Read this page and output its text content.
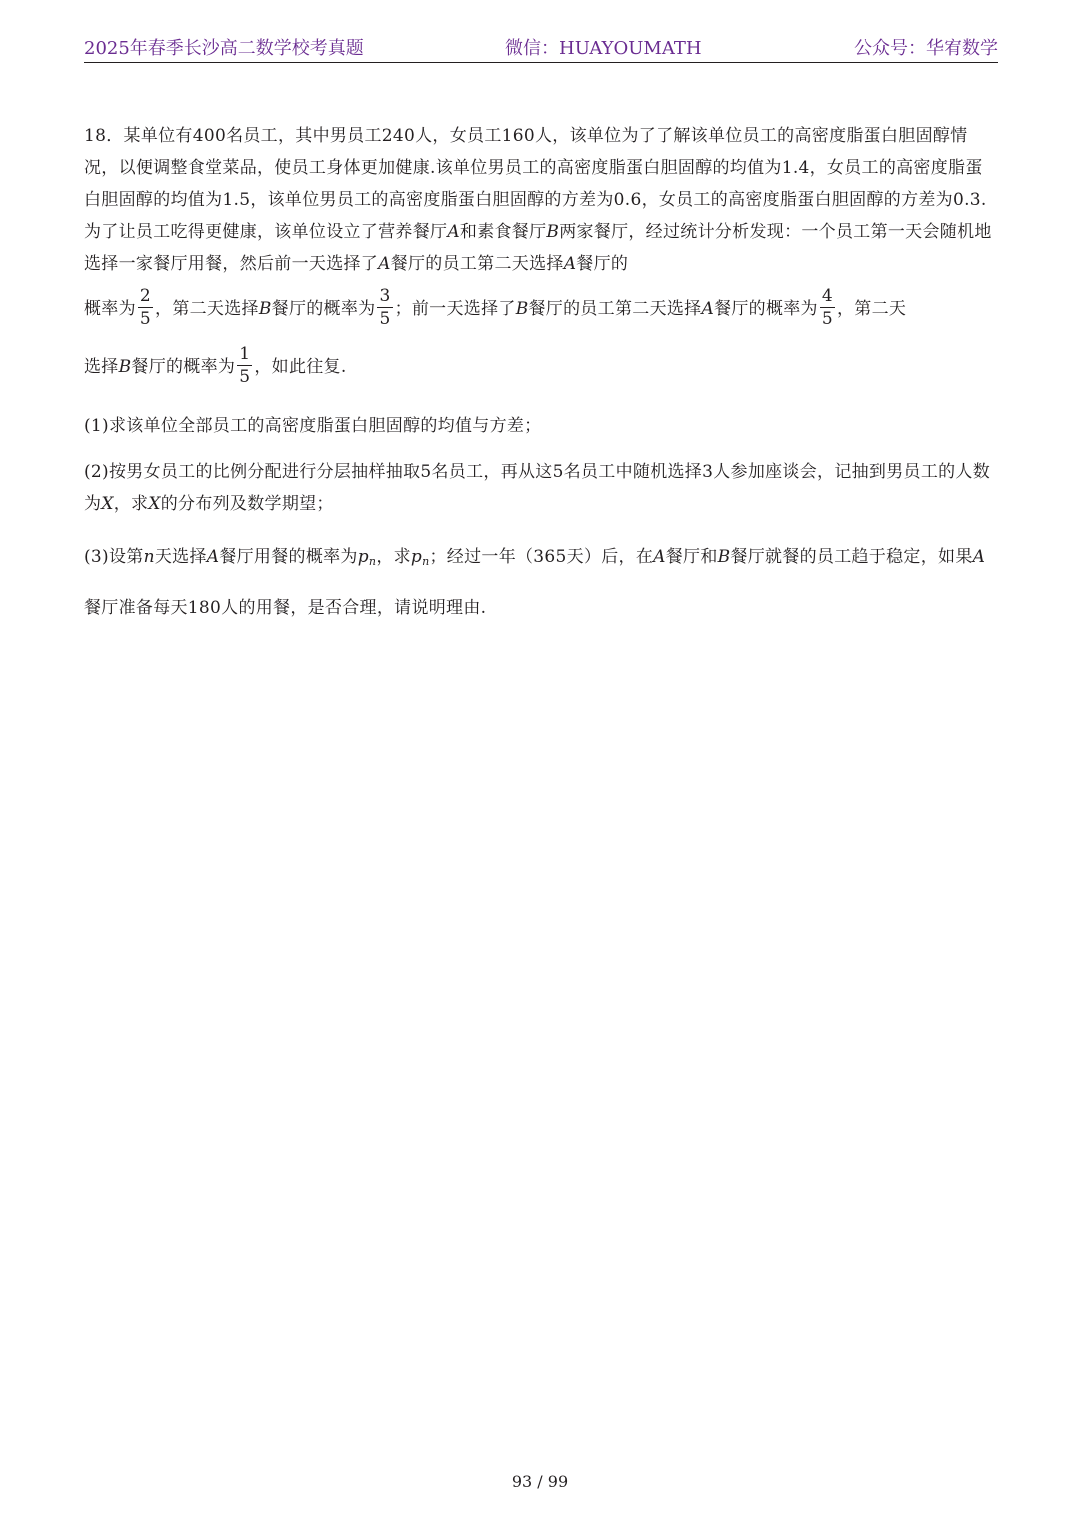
2025年春季长沙高二数学校考真题	微信：HUAYOUMATH	公众号：华宥数学

18．某单位有400名员工，其中男员工240人，女员工160人，该单位为了了解该单位员工的高密度脂蛋白胆固醇情况，以便调整食堂菜品，使员工身体更加健康.该单位男员工的高密度脂蛋白胆固醇的均值为1.4，女员工的高密度脂蛋白胆固醇的均值为1.5，该单位男员工的高密度脂蛋白胆固醇的方差为0.6，女员工的高密度脂蛋白胆固醇的方差为0.3. 为了让员工吃得更健康，该单位设立了营养餐厅A和素食餐厅B两家餐厅，经过统计分析发现：一个员工第一天会随机地选择一家餐厅用餐，然后前一天选择了A餐厅的员工第二天选择A餐厅的

概率为 $\frac{2}{5}$ ，第二天选择B餐厅的概率为 $\frac{3}{5}$ ；前一天选择了B餐厅的员工第二天选择A餐厅的概率为 $\frac{4}{5}$ ，第二天

选择B餐厅的概率为 $\frac{1}{5}$ ，如此往复.

(1)求该单位全部员工的高密度脂蛋白胆固醇的均值与方差；

(2)按男女员工的比例分配进行分层抽样抽取5名员工，再从这5名员工中随机选择3人参加座谈会，记抽到男员工的人数为X，求X的分布列及数学期望；

(3)设第n天选择A餐厅用餐的概率为$p_n$，求$p_n$；经过一年（365天）后，在A餐厅和B餐厅就餐的员工趋于稳定，如果A餐厅准备每天180人的用餐，是否合理，请说明理由.

93 / 99
